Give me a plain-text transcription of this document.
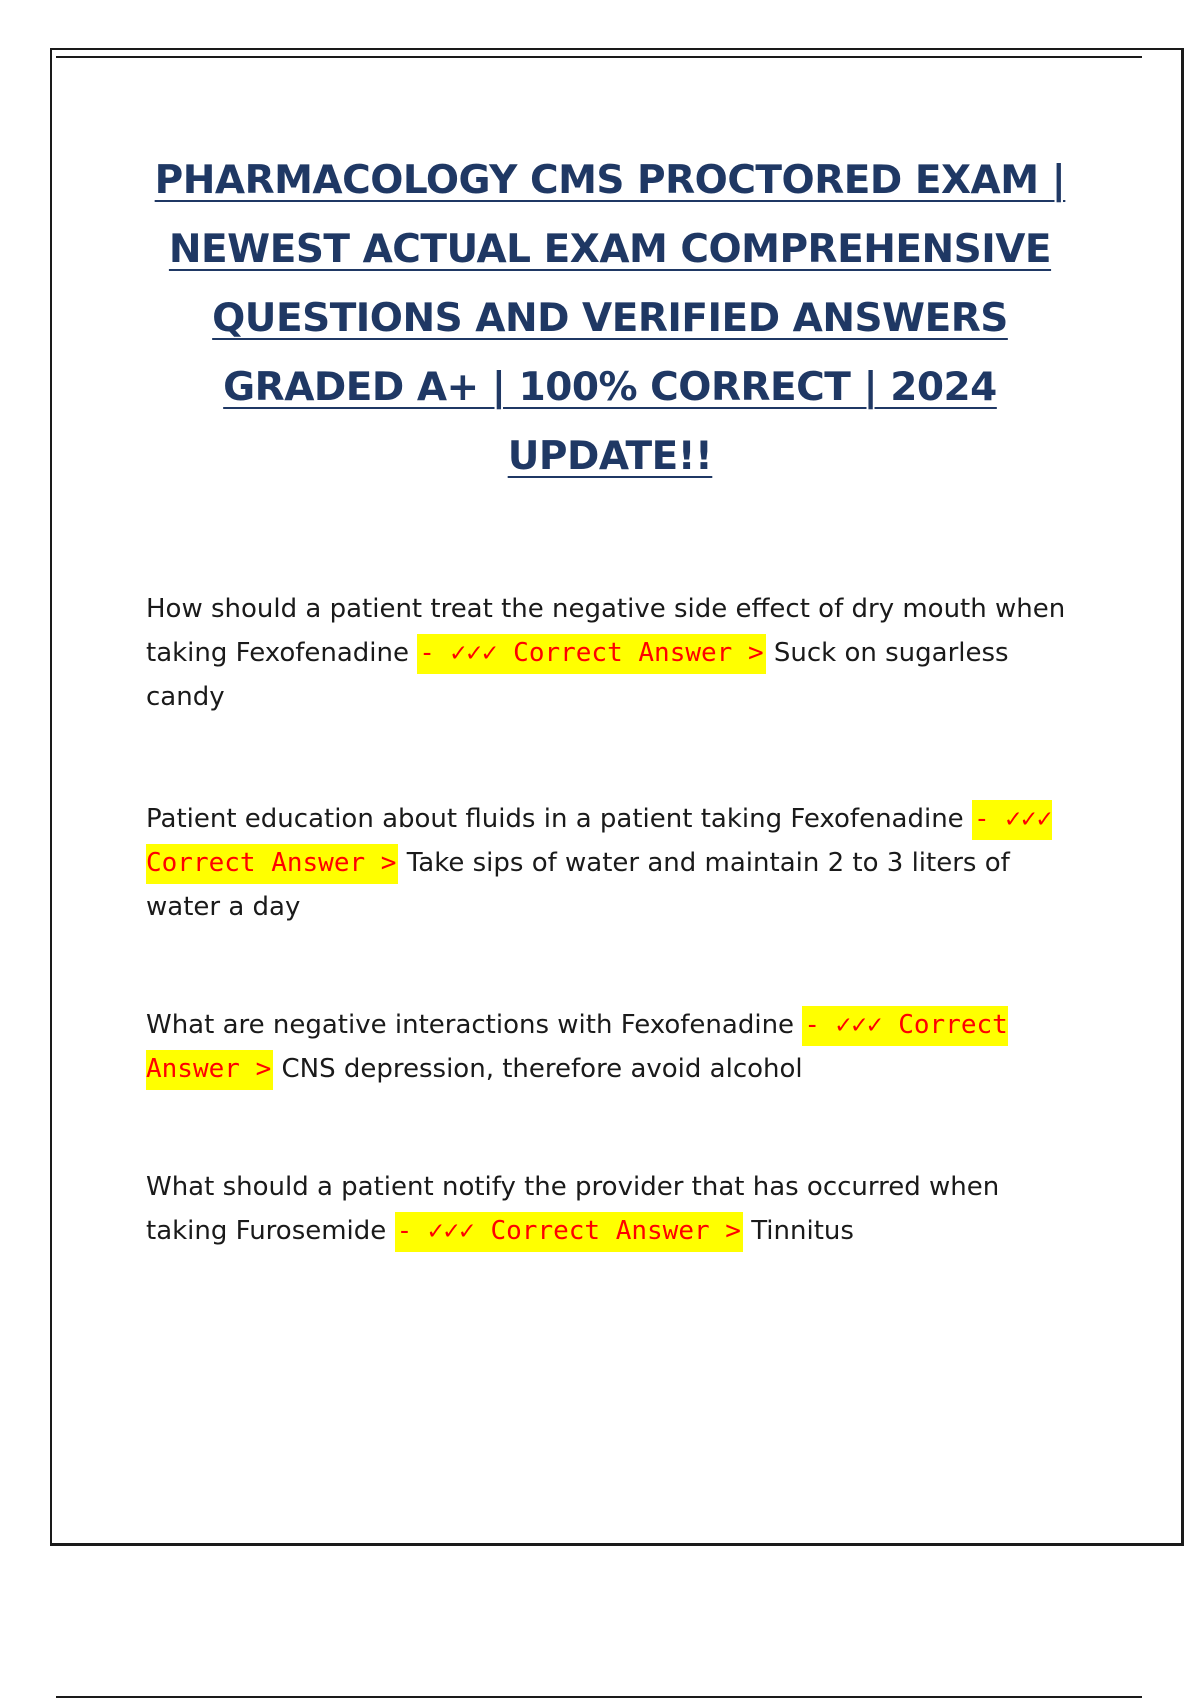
PHARMACOLOGY CMS PROCTORED EXAM | NEWEST ACTUAL EXAM COMPREHENSIVE QUESTIONS AND VERIFIED ANSWERS GRADED A+ | 100% CORRECT | 2024 UPDATE!!

How should a patient treat the negative side effect of dry mouth when taking Fexofenadine - ✓✓✓ Correct Answer > Suck on sugarless candy

Patient education about fluids in a patient taking Fexofenadine - ✓✓✓ Correct Answer > Take sips of water and maintain 2 to 3 liters of water a day

What are negative interactions with Fexofenadine - ✓✓✓ Correct Answer > CNS depression, therefore avoid alcohol

What should a patient notify the provider that has occurred when taking Furosemide - ✓✓✓ Correct Answer > Tinnitus
